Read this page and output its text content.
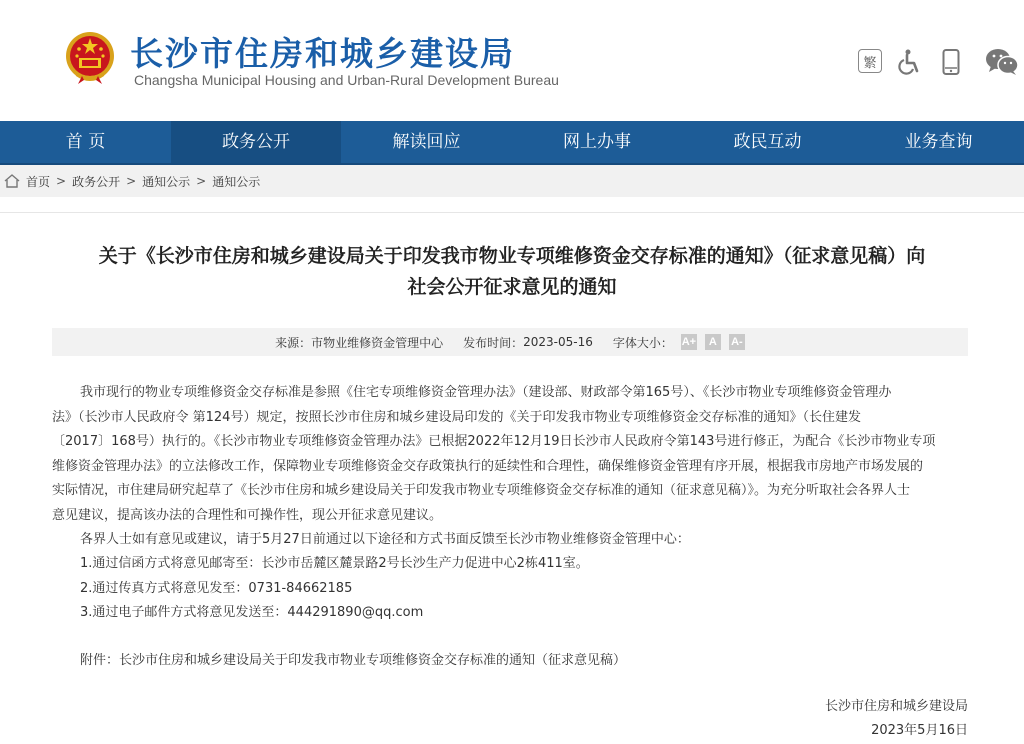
长沙市住房和城乡建设局
Changsha Municipal Housing and Urban-Rural Development Bureau
繁
首 页	政务公开	解读回应	网上办事	政民互动	业务查询
首页 > 政务公开 > 通知公示 > 通知公示
关于《长沙市住房和城乡建设局关于印发我市物业专项维修资金交存标准的通知》（征求意见稿）向
社会公开征求意见的通知
来源： 市物业维修资金管理中心 发布时间： 2023-05-16 字体大小： A+	A	A-
我市现行的物业专项维修资金交存标准是参照《住宅专项维修资金管理办法》（建设部、财政部令第165号）、《长沙市物业专项维修资金管理办
法》（长沙市人民政府令 第124号）规定，按照长沙市住房和城乡建设局印发的《关于印发我市物业专项维修资金交存标准的通知》（长住建发
〔2017〕168号）执行的。《长沙市物业专项维修资金管理办法》已根据2022年12月19日长沙市人民政府令第143号进行修正，为配合《长沙市物业专项
维修资金管理办法》的立法修改工作，保障物业专项维修资金交存政策执行的延续性和合理性，确保维修资金管理有序开展，根据我市房地产市场发展的
实际情况，市住建局研究起草了《长沙市住房和城乡建设局关于印发我市物业专项维修资金交存标准的通知（征求意见稿）》。为充分听取社会各界人士
意见建议，提高该办法的合理性和可操作性，现公开征求意见建议。
各界人士如有意见或建议，请于5月27日前通过以下途径和方式书面反馈至长沙市物业维修资金管理中心：
1.通过信函方式将意见邮寄至：长沙市岳麓区麓景路2号长沙生产力促进中心2栋411室。
2.通过传真方式将意见发至：0731-84662185
3.通过电子邮件方式将意见发送至：444291890@qq.com
附件：长沙市住房和城乡建设局关于印发我市物业专项维修资金交存标准的通知（征求意见稿）
长沙市住房和城乡建设局
2023年5月16日
